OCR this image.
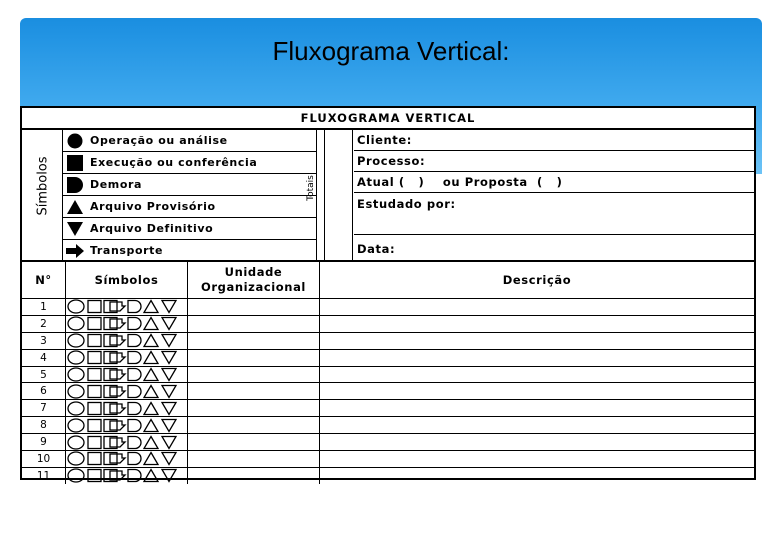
Fluxograma Vertical:
FLUXOGRAMA VERTICAL
Símbolos
Operação ou análise
Execução ou conferência
Demora
Arquivo Provisório
Arquivo Definitivo
Transporte
Totais
Cliente:
Processo:
Atual (   )    ou Proposta  (   )
Estudado por:
Data:
N°	Símbolos
Unidade Organizacional	Descrição
1
2
3
4
5
6
7
8
9
10
11
